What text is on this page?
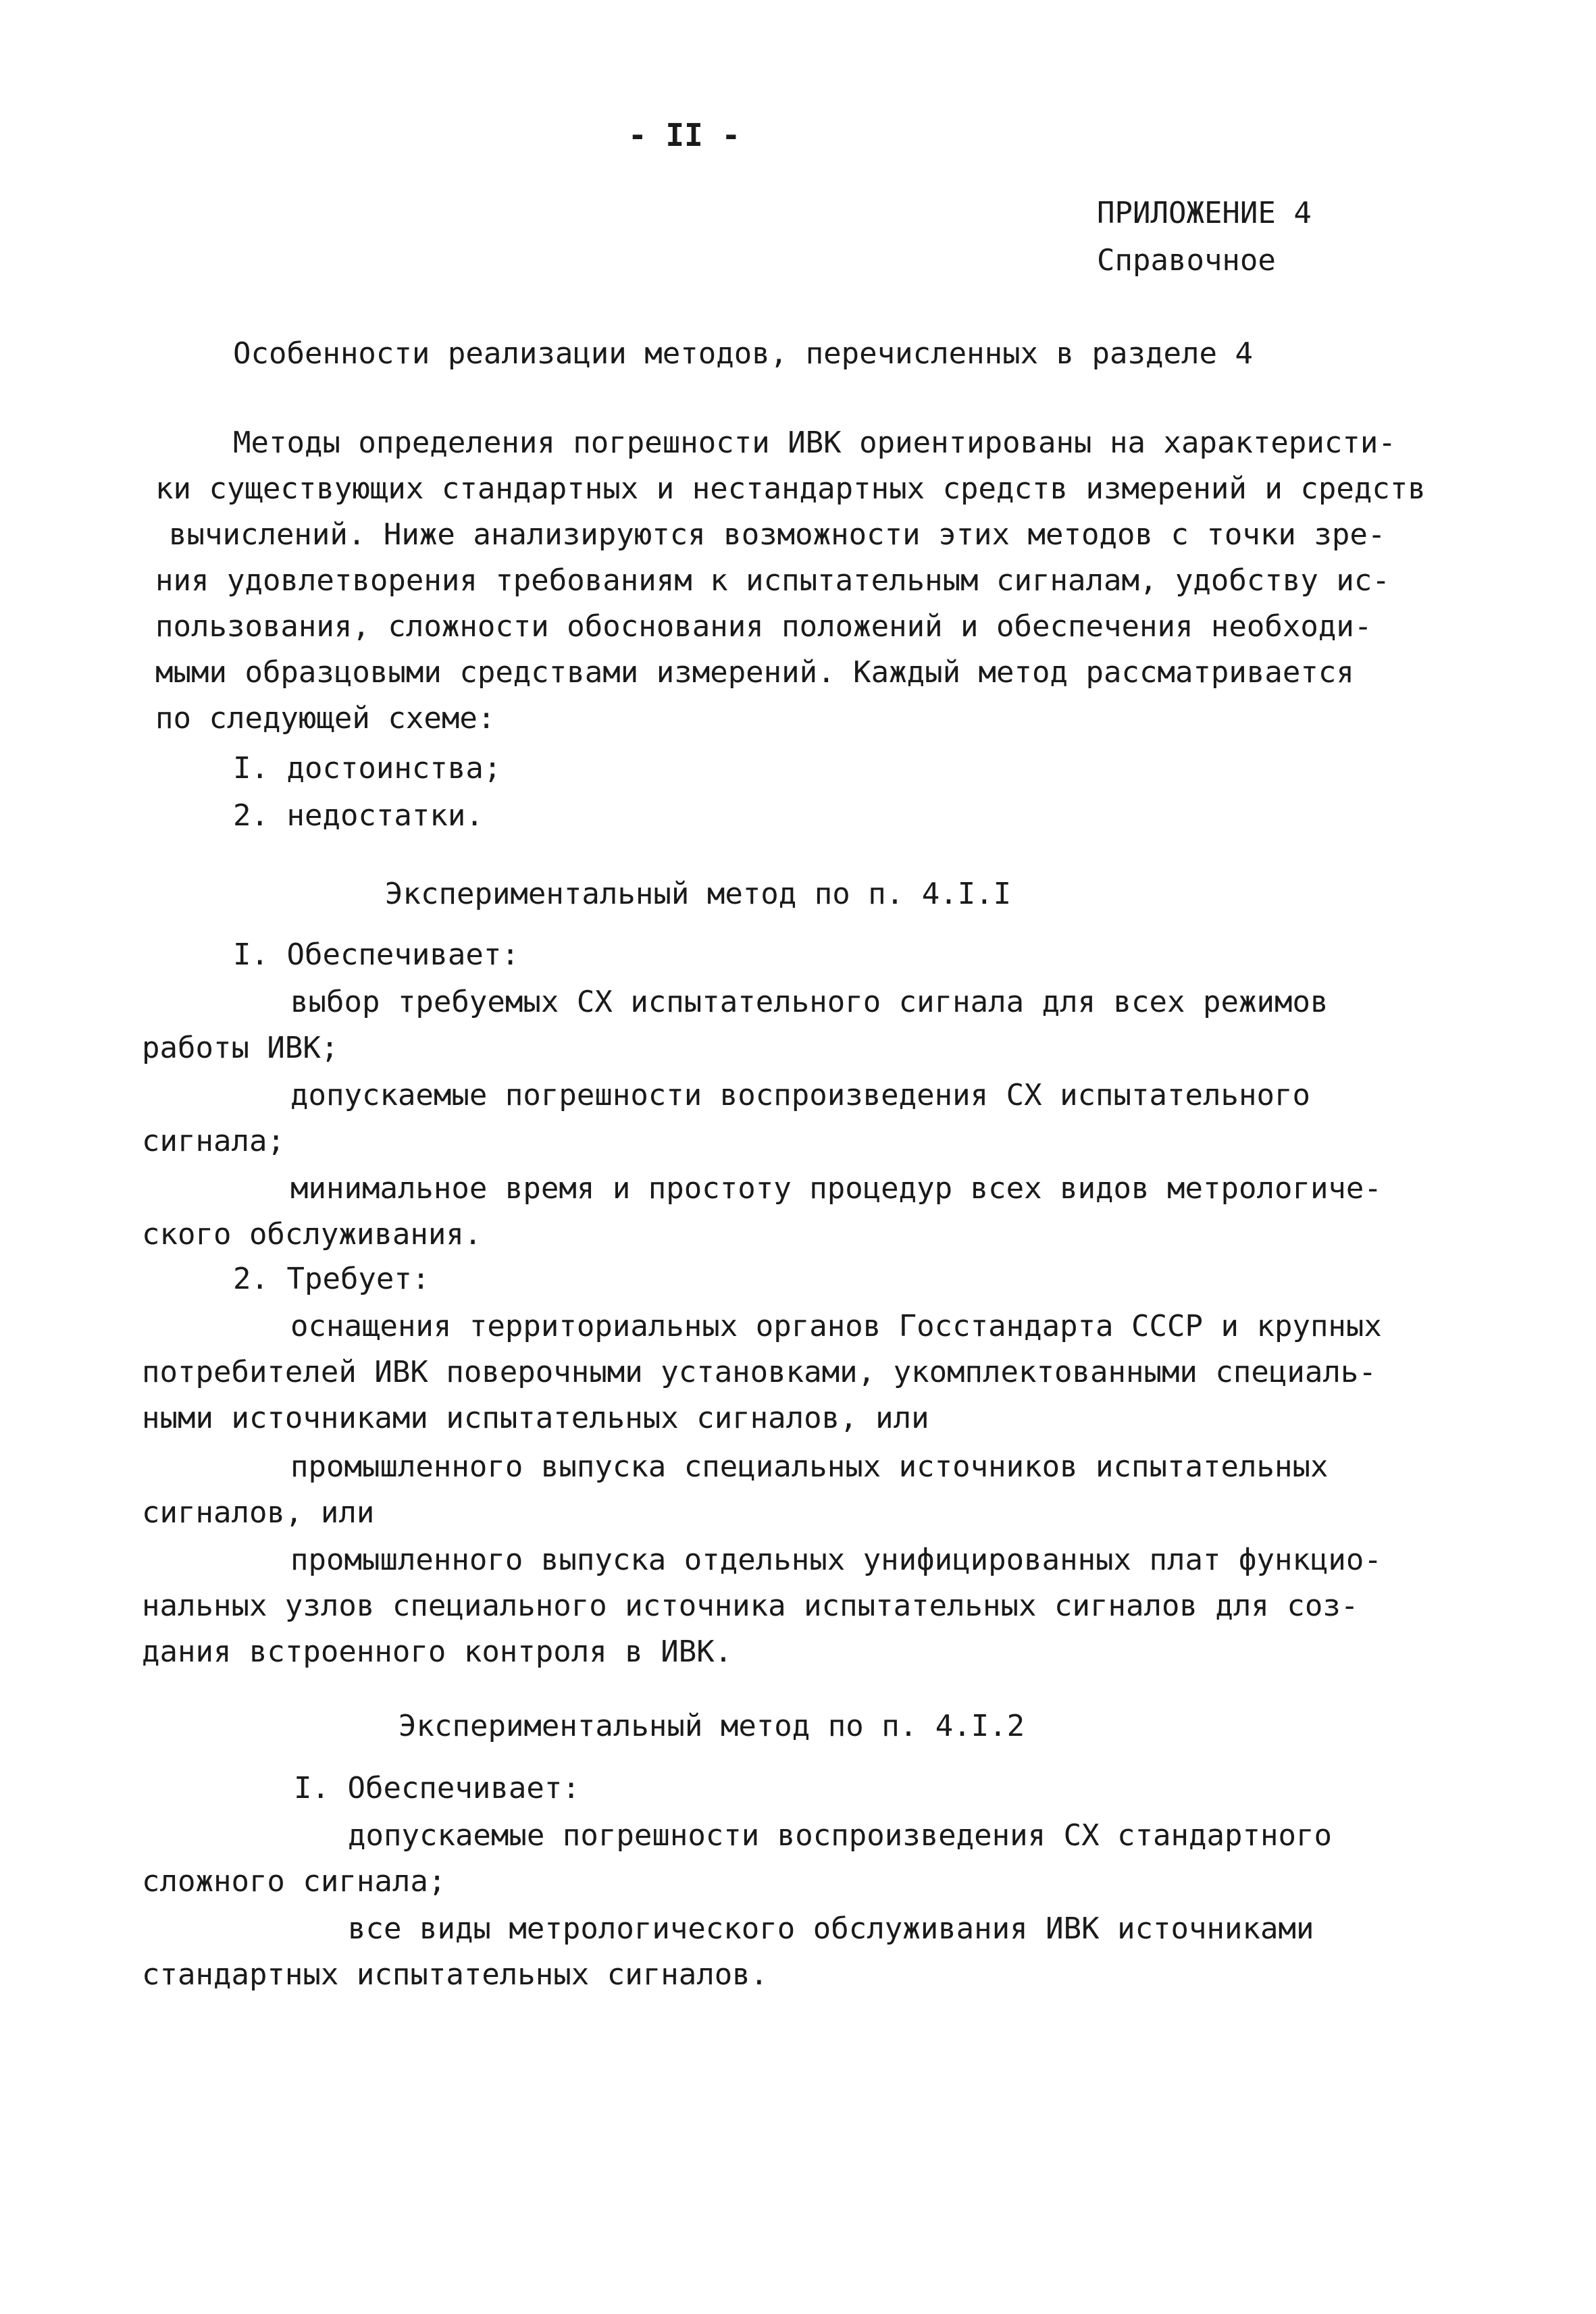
- II -
ПРИЛОЖЕНИЕ 4
Справочное
Особенности реализации методов, перечисленных в разделе 4
Методы определения погрешности ИВК ориентированы на характеристи-
ки существующих стандартных и нестандартных средств измерений и средств
вычислений. Ниже анализируются возможности этих методов с точки зре-
ния удовлетворения требованиям к испытательным сигналам, удобству ис-
пользования, сложности обоснования положений и обеспечения необходи-
мыми образцовыми средствами измерений. Каждый метод рассматривается
по следующей схеме:
I. достоинства;
2. недостатки.
Экспериментальный метод по п. 4.I.I
I. Обеспечивает:
выбор требуемых СХ испытательного сигнала для всех режимов
работы ИВК;
допускаемые погрешности воспроизведения СХ испытательного
сигнала;
минимальное время и простоту процедур всех видов метрологиче-
ского обслуживания.
2. Требует:
оснащения территориальных органов Госстандарта СССР и крупных
потребителей ИВК поверочными установками, укомплектованными специаль-
ными источниками испытательных сигналов, или
промышленного выпуска специальных источников испытательных
сигналов, или
промышленного выпуска отдельных унифицированных плат функцио-
нальных узлов специального источника испытательных сигналов для соз-
дания встроенного контроля в ИВК.
Экспериментальный метод по п. 4.I.2
I. Обеспечивает:
допускаемые погрешности воспроизведения СХ стандартного
сложного сигнала;
все виды метрологического обслуживания ИВК источниками
стандартных испытательных сигналов.
